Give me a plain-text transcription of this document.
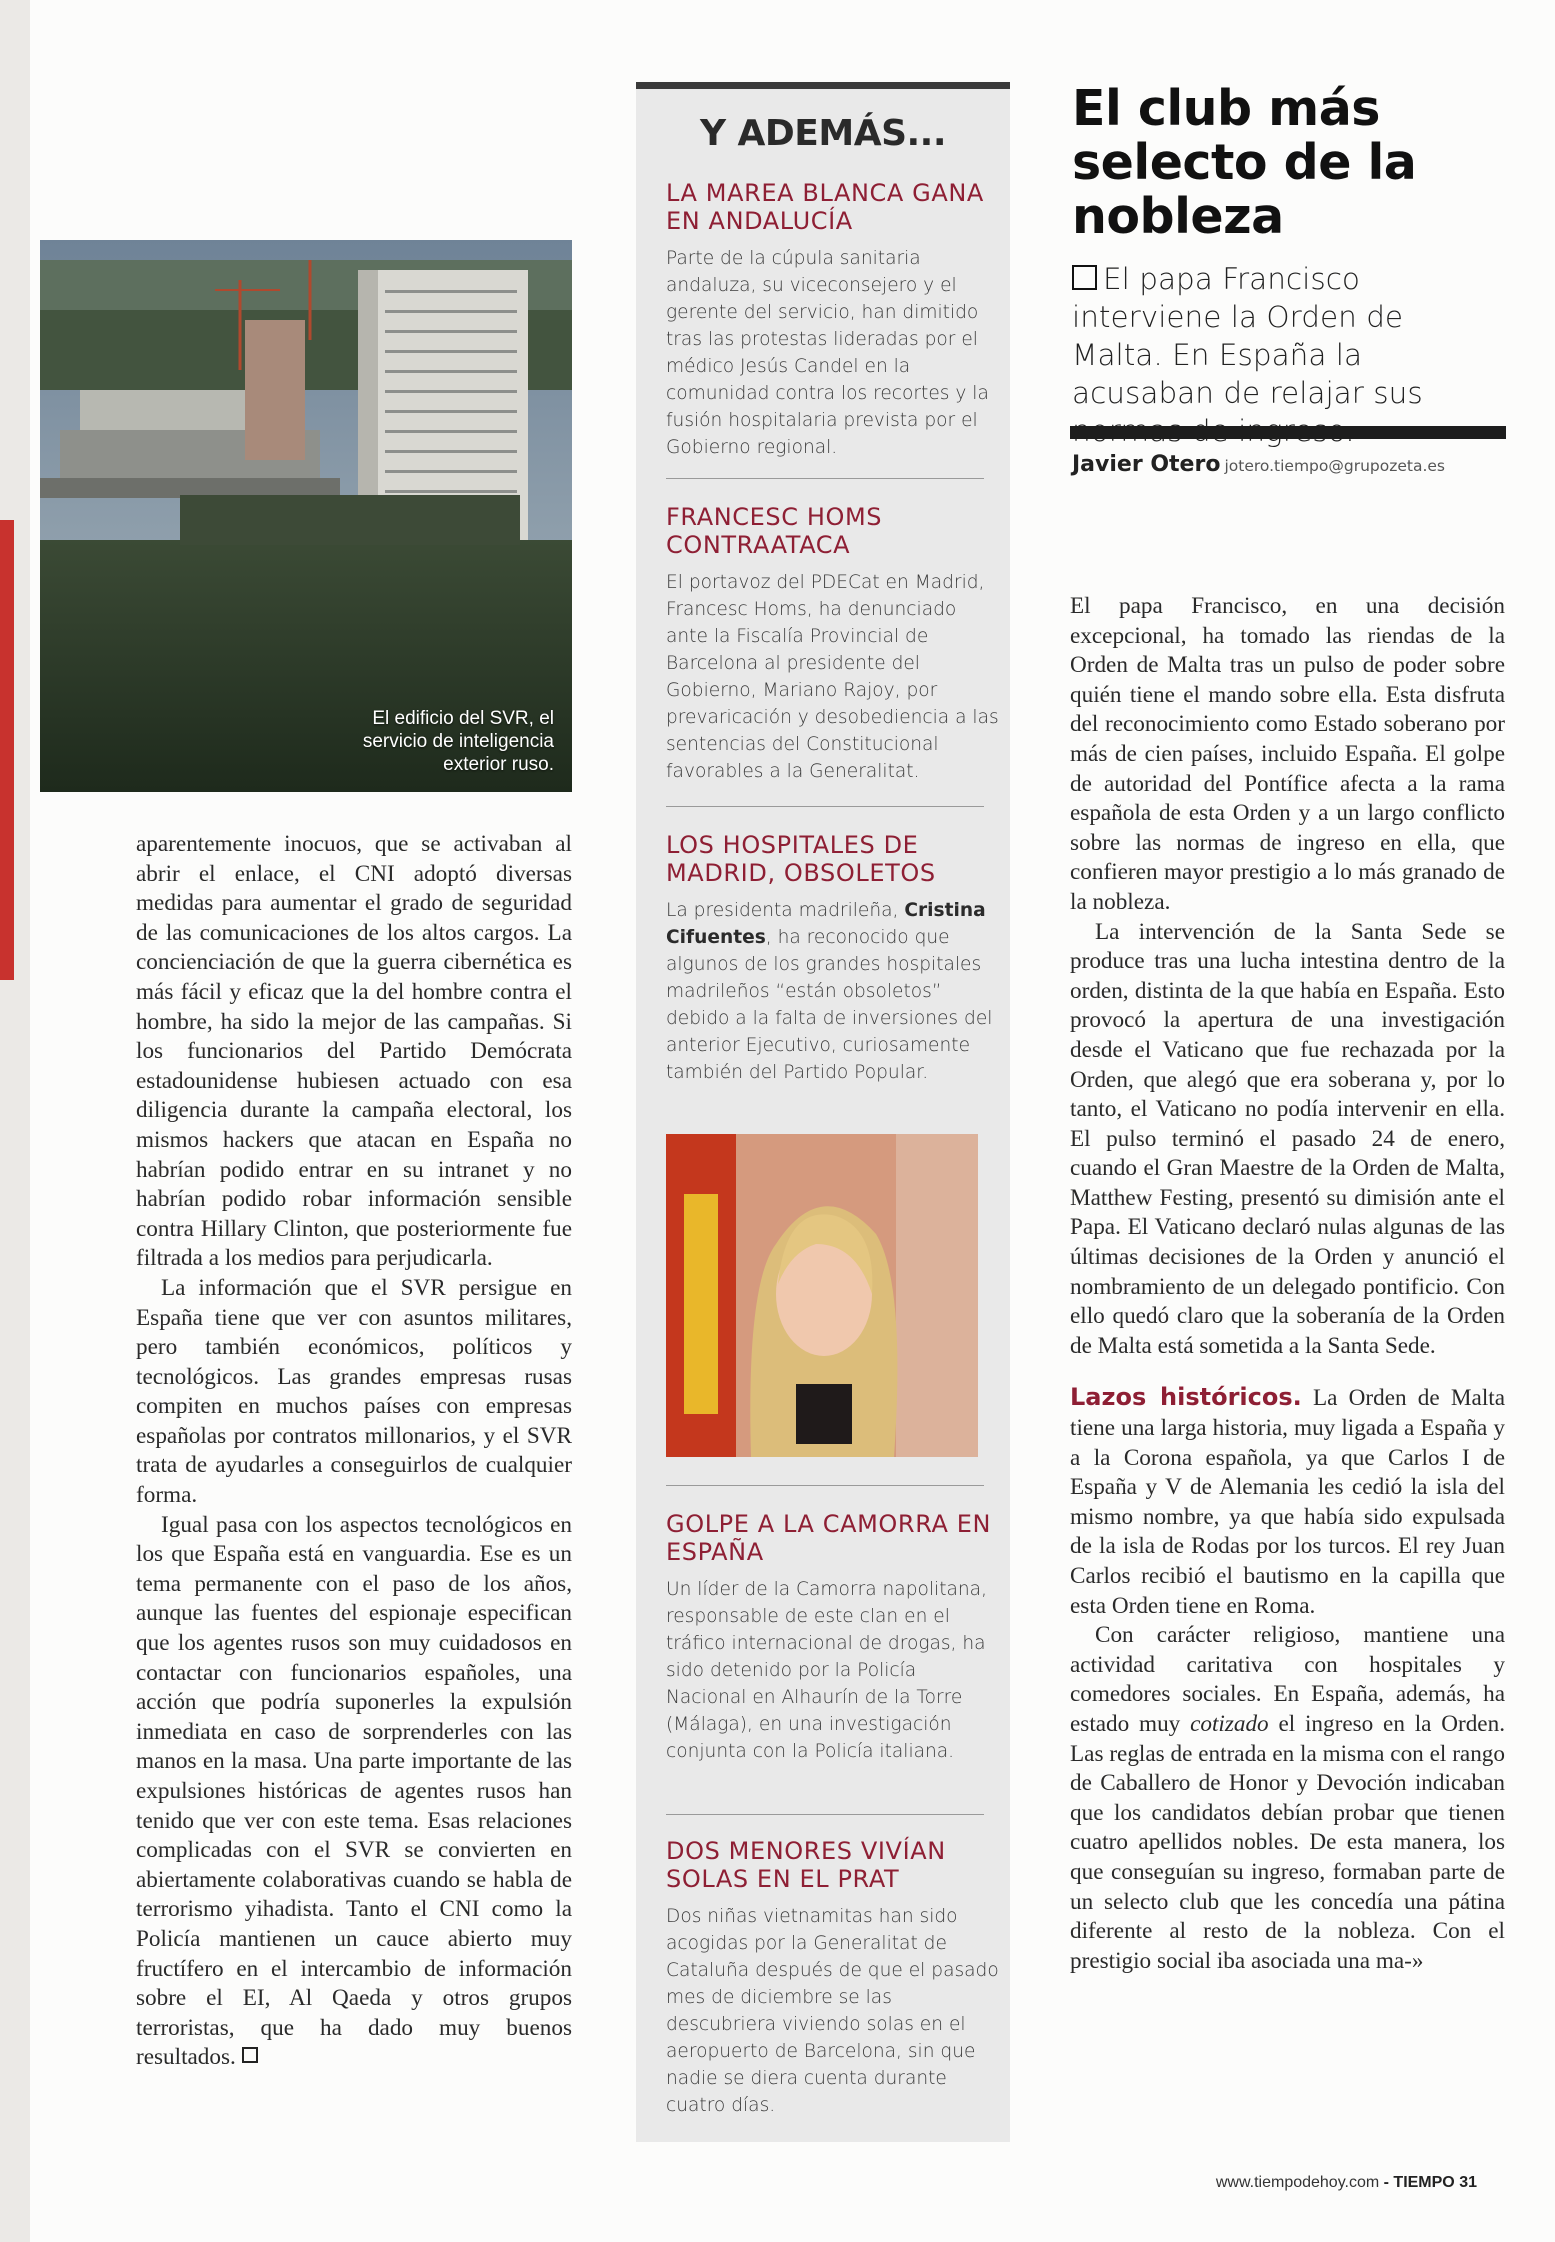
El edificio del SVR, el
servicio de inteligencia
exterior ruso.

aparentemente inocuos, que se activaban al abrir el enlace, el CNI adoptó diversas medidas para aumentar el grado de seguridad de las comunicaciones de los altos cargos. La concienciación de que la guerra cibernética es más fácil y eficaz que la del hombre contra el hombre, ha sido la mejor de las campañas. Si los funcionarios del Partido Demócrata estadounidense hubiesen actuado con esa diligencia durante la campaña electoral, los mismos hackers que atacan en España no habrían podido entrar en su intranet y no habrían podido robar información sensible contra Hillary Clinton, que posteriormente fue filtrada a los medios para perjudicarla.

La información que el SVR persigue en España tiene que ver con asuntos militares, pero también económicos, políticos y tecnológicos. Las grandes empresas rusas compiten en muchos países con empresas españolas por contratos millonarios, y el SVR trata de ayudarles a conseguirlos de cualquier forma.

Igual pasa con los aspectos tecnológicos en los que España está en vanguardia. Ese es un tema permanente con el paso de los años, aunque las fuentes del espionaje especifican que los agentes rusos son muy cuidadosos en contactar con funcionarios españoles, una acción que podría suponerles la expulsión inmediata en caso de sorprenderles con las manos en la masa. Una parte importante de las expulsiones históricas de agentes rusos han tenido que ver con este tema. Esas relaciones complicadas con el SVR se convierten en abiertamente colaborativas cuando se habla de terrorismo yihadista. Tanto el CNI como la Policía mantienen un cauce abierto muy fructífero en el intercambio de información sobre el EI, Al Qaeda y otros grupos terroristas, que ha dado muy buenos resultados.

Y ADEMÁS...

LA MAREA BLANCA GANA EN ANDALUCÍA

Parte de la cúpula sanitaria andaluza, su viceconsejero y el gerente del servicio, han dimitido tras las protestas lideradas por el médico Jesús Candel en la comunidad contra los recortes y la fusión hospitalaria prevista por el Gobierno regional.

FRANCESC HOMS CONTRAATACA

El portavoz del PDECat en Madrid, Francesc Homs, ha denunciado ante la Fiscalía Provincial de Barcelona al presidente del Gobierno, Mariano Rajoy, por prevaricación y desobediencia a las sentencias del Constitucional favorables a la Generalitat.

LOS HOSPITALES DE MADRID, OBSOLETOS

La presidenta madrileña, Cristina Cifuentes, ha reconocido que algunos de los grandes hospitales madrileños “están obsoletos” debido a la falta de inversiones del anterior Ejecutivo, curiosamente también del Partido Popular.

GOLPE A LA CAMORRA EN ESPAÑA

Un líder de la Camorra napolitana, responsable de este clan en el tráfico internacional de drogas, ha sido detenido por la Policía Nacional en Alhaurín de la Torre (Málaga), en una investigación conjunta con la Policía italiana.

DOS MENORES VIVÍAN SOLAS EN EL PRAT

Dos niñas vietnamitas han sido acogidas por la Generalitat de Cataluña después de que el pasado mes de diciembre se las descubriera viviendo solas en el aeropuerto de Barcelona, sin que nadie se diera cuenta durante cuatro días.

El club más selecto de la nobleza

El papa Francisco interviene la Orden de Malta. En España la acusaban de relajar sus

Javier Otero jotero.tiempo@grupozeta.es

El papa Francisco, en una decisión excepcional, ha tomado las riendas de la Orden de Malta tras un pulso de poder sobre quién tiene el mando sobre ella. Esta disfruta del reconocimiento como Estado soberano por más de cien países, incluido España. El golpe de autoridad del Pontífice afecta a la rama española de esta Orden y a un largo conflicto sobre las normas de ingreso en ella, que confieren mayor prestigio a lo más granado de la nobleza.

La intervención de la Santa Sede se produce tras una lucha intestina dentro de la orden, distinta de la que había en España. Esto provocó la apertura de una investigación desde el Vaticano que fue rechazada por la Orden, que alegó que era soberana y, por lo tanto, el Vaticano no podía intervenir en ella. El pulso terminó el pasado 24 de enero, cuando el Gran Maestre de la Orden de Malta, Matthew Festing, presentó su dimisión ante el Papa. El Vaticano declaró nulas algunas de las últimas decisiones de la Orden y anunció el nombramiento de un delegado pontificio. Con ello quedó claro que la soberanía de la Orden de Malta está sometida a la Santa Sede.

Lazos históricos. La Orden de Malta tiene una larga historia, muy ligada a España y a la Corona española, ya que Carlos I de España y V de Alemania les cedió la isla del mismo nombre, ya que había sido expulsada de la isla de Rodas por los turcos. El rey Juan Carlos recibió el bautismo en la capilla que esta Orden tiene en Roma.

Con carácter religioso, mantiene una actividad caritativa con hospitales y comedores sociales. En España, además, ha estado muy cotizado el ingreso en la Orden. Las reglas de entrada en la misma con el rango de Caballero de Honor y Devoción indicaban que los candidatos debían probar que tienen cuatro apellidos nobles. De esta manera, los que conseguían su ingreso, formaban parte de un selecto club que les concedía una pátina diferente al resto de la nobleza. Con el prestigio social iba asociada una ma-»

www.tiempodehoy.com - TIEMPO 31
